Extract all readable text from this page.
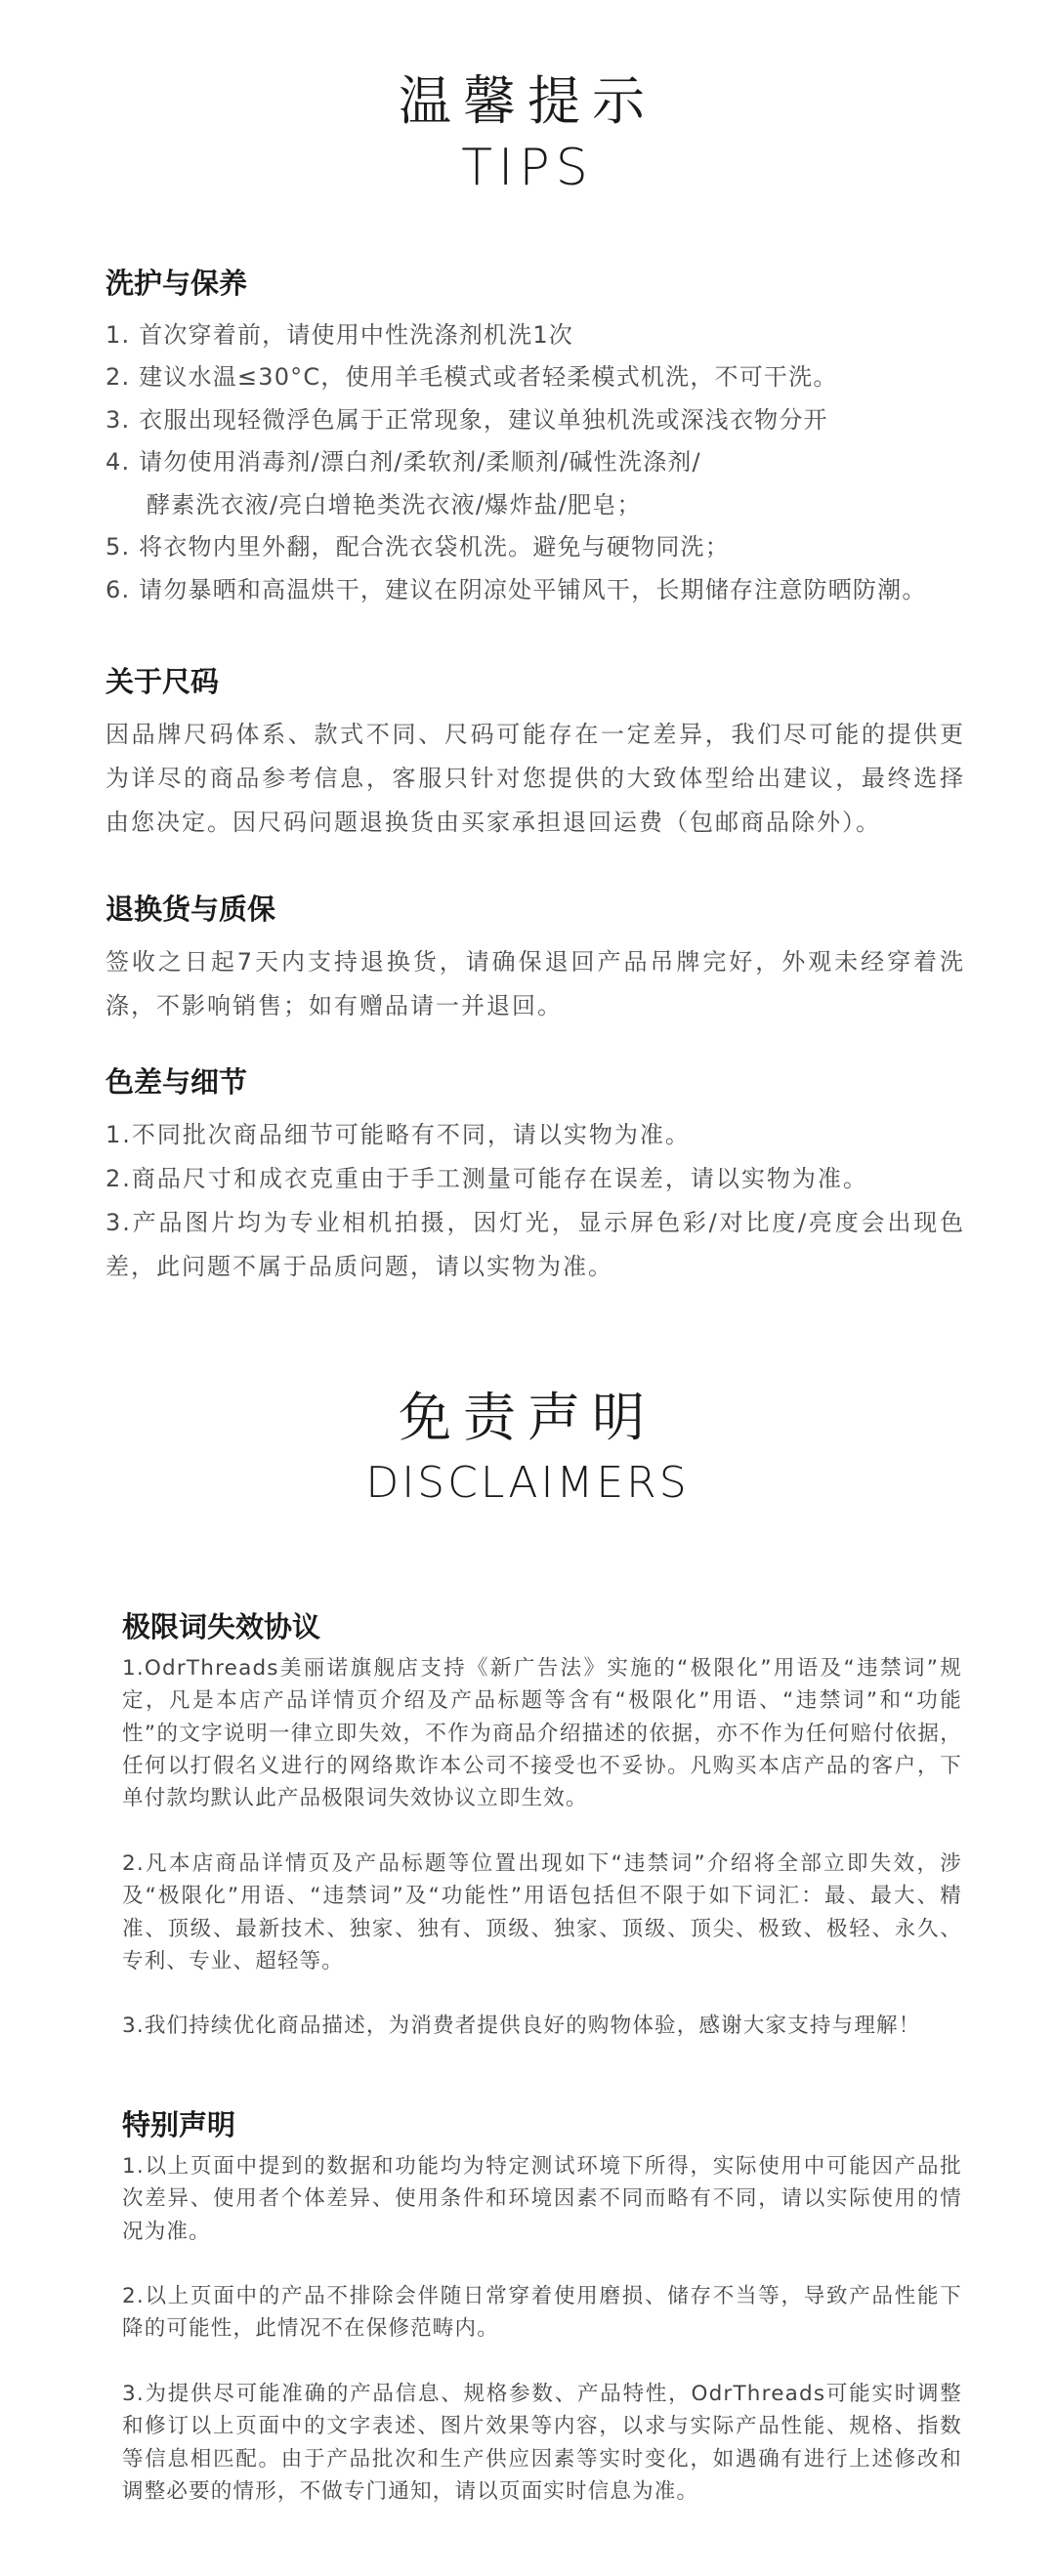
温馨提示
TIPS
洗护与保养
1. 首次穿着前，请使用中性洗涤剂机洗1次
2. 建议水温≤30°C，使用羊毛模式或者轻柔模式机洗，不可干洗。
3. 衣服出现轻微浮色属于正常现象，建议单独机洗或深浅衣物分开
4. 请勿使用消毒剂/漂白剂/柔软剂/柔顺剂/碱性洗涤剂/
酵素洗衣液/亮白增艳类洗衣液/爆炸盐/肥皂；
5. 将衣物内里外翻，配合洗衣袋机洗。避免与硬物同洗；
6. 请勿暴晒和高温烘干，建议在阴凉处平铺风干，长期储存注意防晒防潮。
关于尺码
因品牌尺码体系、款式不同、尺码可能存在一定差异，我们尽可能的提供更为详尽的商品参考信息，客服只针对您提供的大致体型给出建议，最终选择由您决定。因尺码问题退换货由买家承担退回运费（包邮商品除外）。
退换货与质保
签收之日起7天内支持退换货，请确保退回产品吊牌完好，外观未经穿着洗涤，不影响销售；如有赠品请一并退回。
色差与细节
1.不同批次商品细节可能略有不同，请以实物为准。
2.商品尺寸和成衣克重由于手工测量可能存在误差，请以实物为准。
3.产品图片均为专业相机拍摄，因灯光，显示屏色彩/对比度/亮度会出现色差，此问题不属于品质问题，请以实物为准。
免责声明
DISCLAIMERS
极限词失效协议
1.OdrThreads美丽诺旗舰店支持《新广告法》实施的“极限化”用语及“违禁词”规定，凡是本店产品详情页介绍及产品标题等含有“极限化”用语、“违禁词”和“功能性”的文字说明一律立即失效，不作为商品介绍描述的依据，亦不作为任何赔付依据，任何以打假名义进行的网络欺诈本公司不接受也不妥协。凡购买本店产品的客户，下单付款均默认此产品极限词失效协议立即生效。
2.凡本店商品详情页及产品标题等位置出现如下“违禁词”介绍将全部立即失效，涉及“极限化”用语、“违禁词”及“功能性”用语包括但不限于如下词汇：最、最大、精准、顶级、最新技术、独家、独有、顶级、独家、顶级、顶尖、极致、极轻、永久、专利、专业、超轻等。
3.我们持续优化商品描述，为消费者提供良好的购物体验，感谢大家支持与理解！
特别声明
1.以上页面中提到的数据和功能均为特定测试环境下所得，实际使用中可能因产品批次差异、使用者个体差异、使用条件和环境因素不同而略有不同，请以实际使用的情况为准。
2.以上页面中的产品不排除会伴随日常穿着使用磨损、储存不当等，导致产品性能下降的可能性，此情况不在保修范畴内。
3.为提供尽可能准确的产品信息、规格参数、产品特性，OdrThreads可能实时调整和修订以上页面中的文字表述、图片效果等内容，以求与实际产品性能、规格、指数等信息相匹配。由于产品批次和生产供应因素等实时变化，如遇确有进行上述修改和调整必要的情形，不做专门通知，请以页面实时信息为准。
